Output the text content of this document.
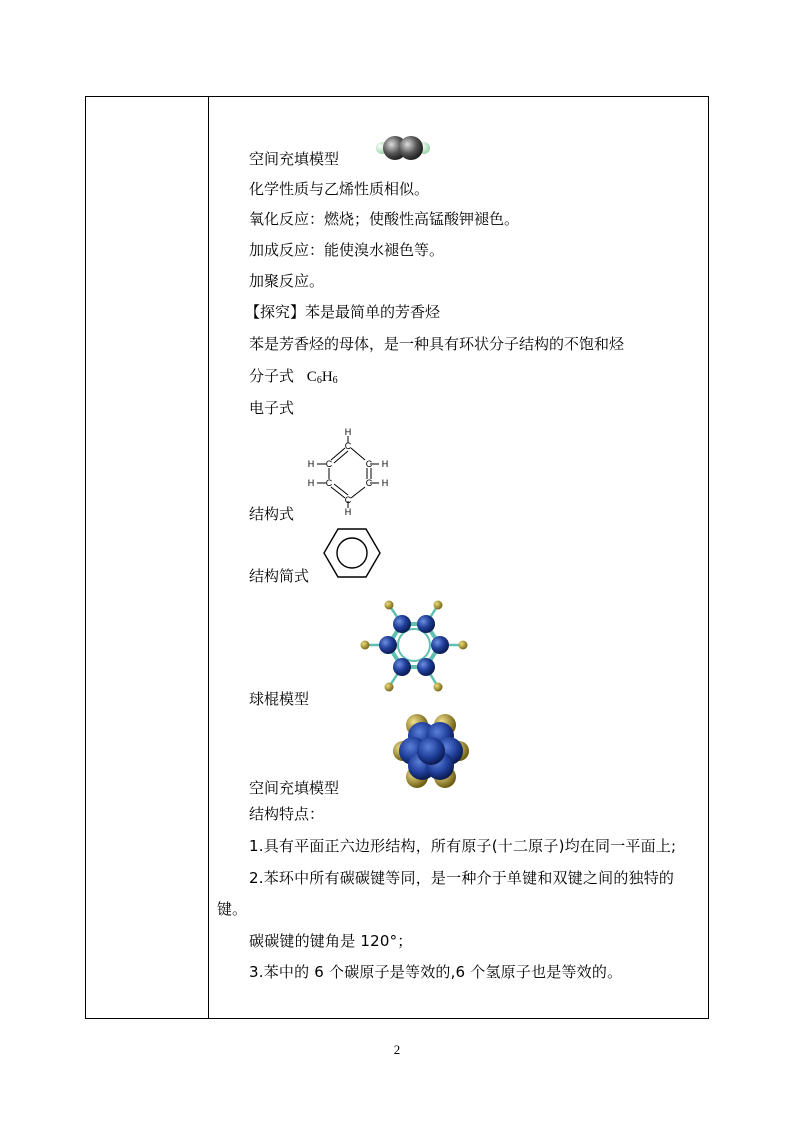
空间充填模型
化学性质与乙烯性质相似。
氧化反应：燃烧；使酸性高锰酸钾褪色。
加成反应：能使溴水褪色等。
加聚反应。
【探究】苯是最简单的芳香烃
苯是芳香烃的母体，是一种具有环状分子结构的不饱和烃
分子式 $C_6H_6$
电子式
H
H
H
H
H
H
C
C
C
C
C
C
结构式
结构简式
球棍模型
空间充填模型
结构特点：
1.具有平面正六边形结构，所有原子(十二原子)均在同一平面上;
2.苯环中所有碳碳键等同，是一种介于单键和双键之间的独特的
键。
碳碳键的键角是 120°；
3.苯中的 6 个碳原子是等效的,6 个氢原子也是等效的。
2
